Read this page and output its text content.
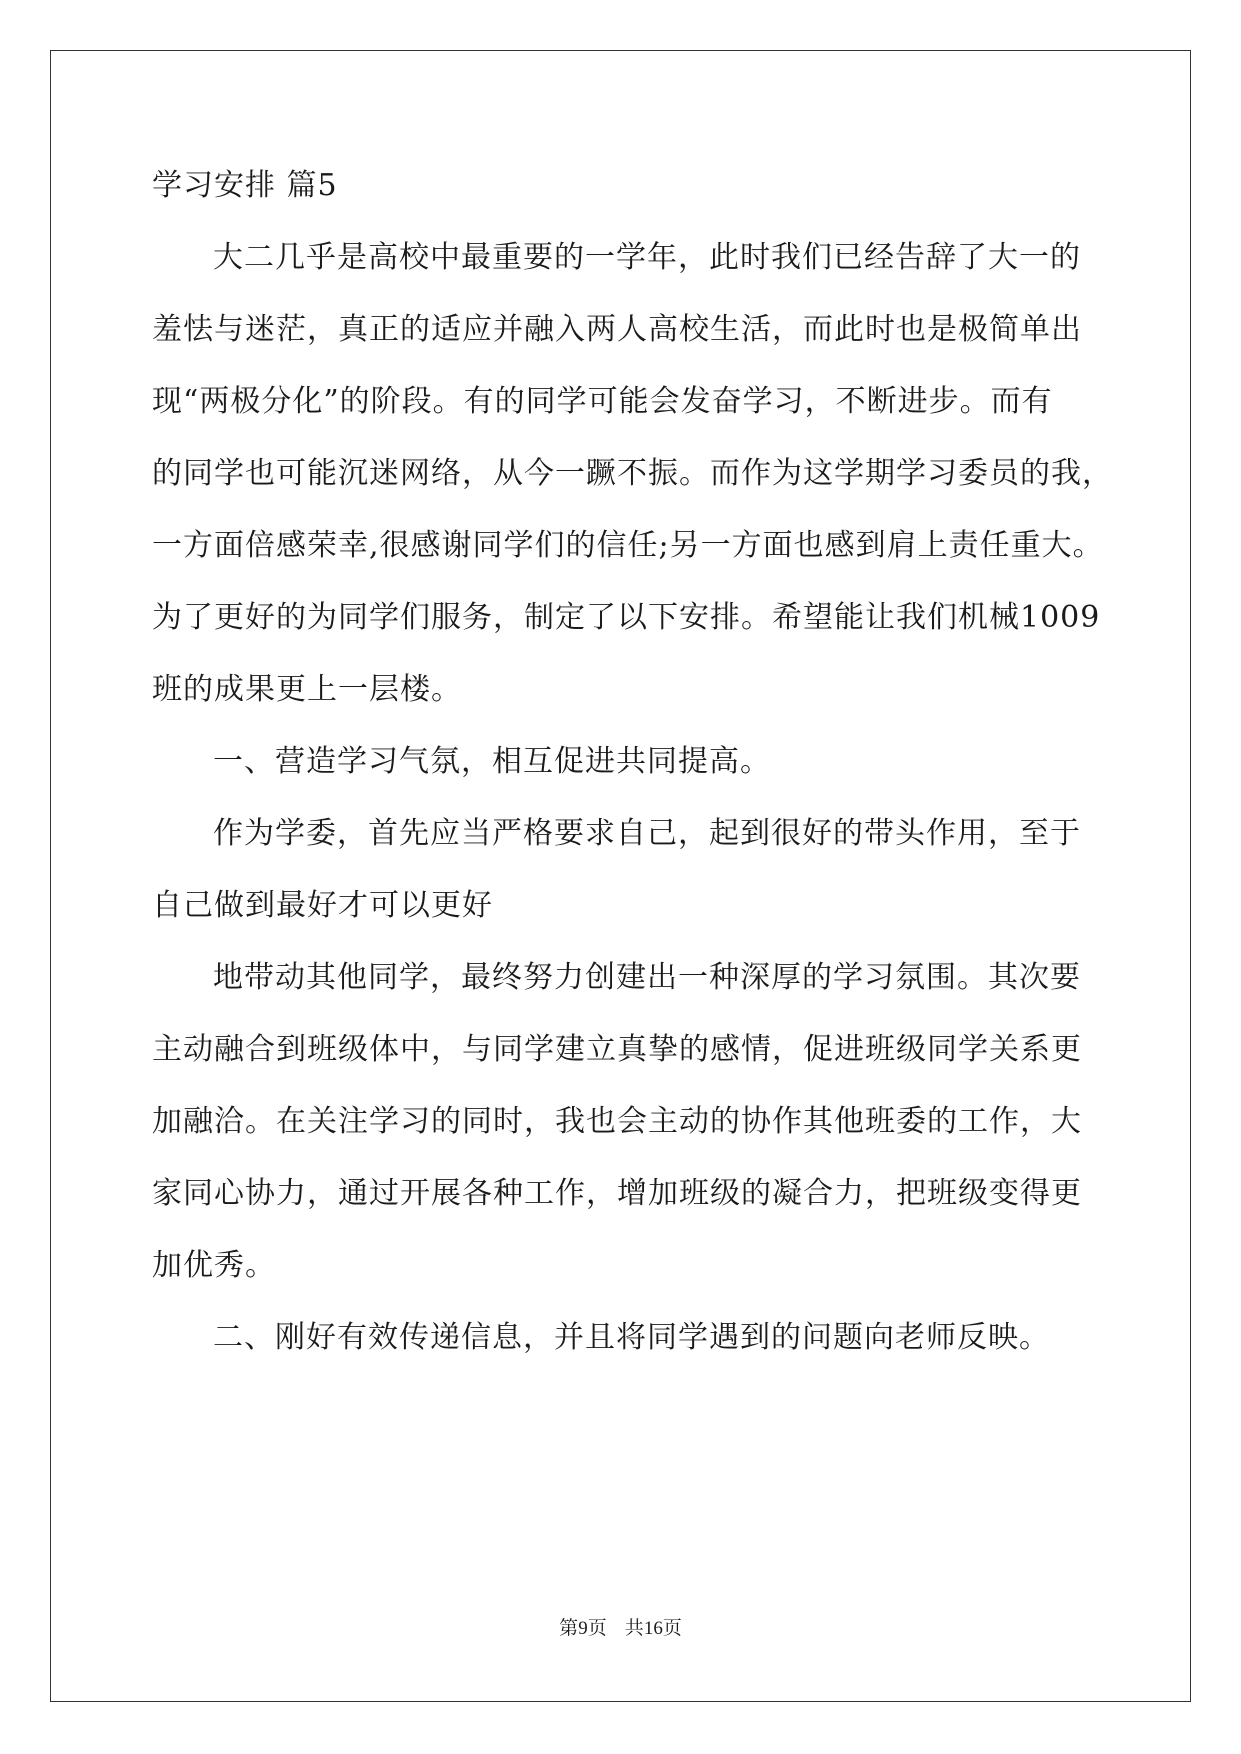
学习安排 篇5
大二几乎是高校中最重要的一学年，此时我们已经告辞了大一的
羞怯与迷茫，真正的适应并融入两人高校生活，而此时也是极简单出
现“两极分化”的阶段。有的同学可能会发奋学习，不断进步。而有
的同学也可能沉迷网络，从今一蹶不振。而作为这学期学习委员的我，
一方面倍感荣幸,很感谢同学们的信任;另一方面也感到肩上责任重大。
为了更好的为同学们服务，制定了以下安排。希望能让我们机械1009
班的成果更上一层楼。
一、营造学习气氛，相互促进共同提高。
作为学委，首先应当严格要求自己，起到很好的带头作用，至于
自己做到最好才可以更好
地带动其他同学，最终努力创建出一种深厚的学习氛围。其次要
主动融合到班级体中，与同学建立真挚的感情，促进班级同学关系更
加融洽。在关注学习的同时，我也会主动的协作其他班委的工作，大
家同心协力，通过开展各种工作，增加班级的凝合力，把班级变得更
加优秀。
二、刚好有效传递信息，并且将同学遇到的问题向老师反映。
第9页   共16页
